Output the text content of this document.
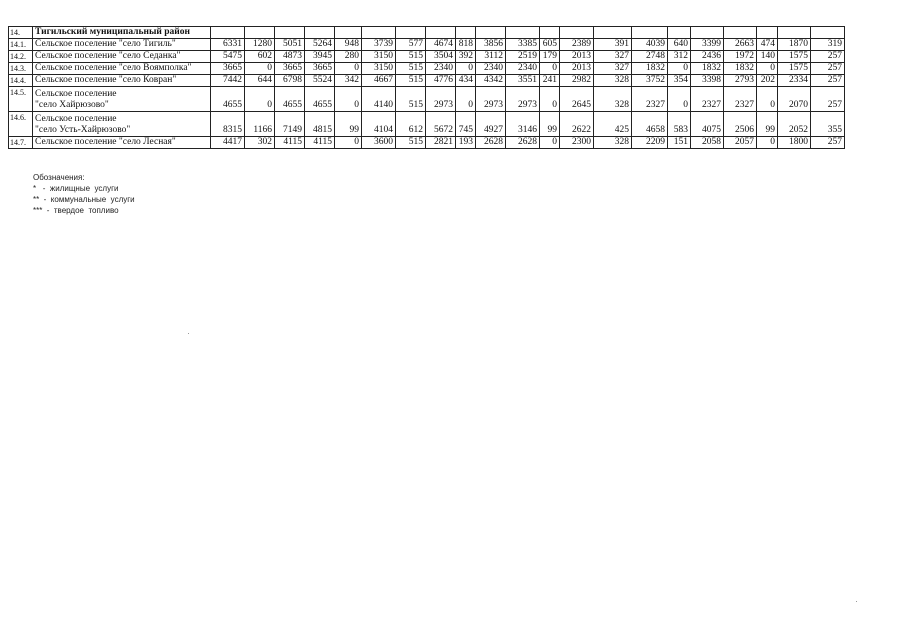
14.	Тигильский муниципальный район																					
14.1.	Сельское поселение "село Тигиль"	6331	1280	5051	5264	948	3739	577	4674	818	3856	3385	605	2389	391	4039	640	3399	2663	474	1870	319
14.2.	Сельское поселение "село Седанка"	5475	602	4873	3945	280	3150	515	3504	392	3112	2519	179	2013	327	2748	312	2436	1972	140	1575	257
14.3.	Сельское поселение "село Воямполка"	3665	0	3665	3665	0	3150	515	2340	0	2340	2340	0	2013	327	1832	0	1832	1832	0	1575	257
14.4.	Сельское поселение "село Ковран"	7442	644	6798	5524	342	4667	515	4776	434	4342	3551	241	2982	328	3752	354	3398	2793	202	2334	257
14.5.	Сельское поселение
"село Хайрюзово"	4655	0	4655	4655	0	4140	515	2973	0	2973	2973	0	2645	328	2327	0	2327	2327	0	2070	257
14.6.	Сельское поселение
"село Усть-Хайрюзово"	8315	1166	7149	4815	99	4104	612	5672	745	4927	3146	99	2622	425	4658	583	4075	2506	99	2052	355
14.7.	Сельское поселение "село Лесная"	4417	302	4115	4115	0	3600	515	2821	193	2628	2628	0	2300	328	2209	151	2058	2057	0	1800	257
Обозначения:
*   -  жилищные  услуги
**  -  коммунальные  услуги
***  -  твердое  топливо
